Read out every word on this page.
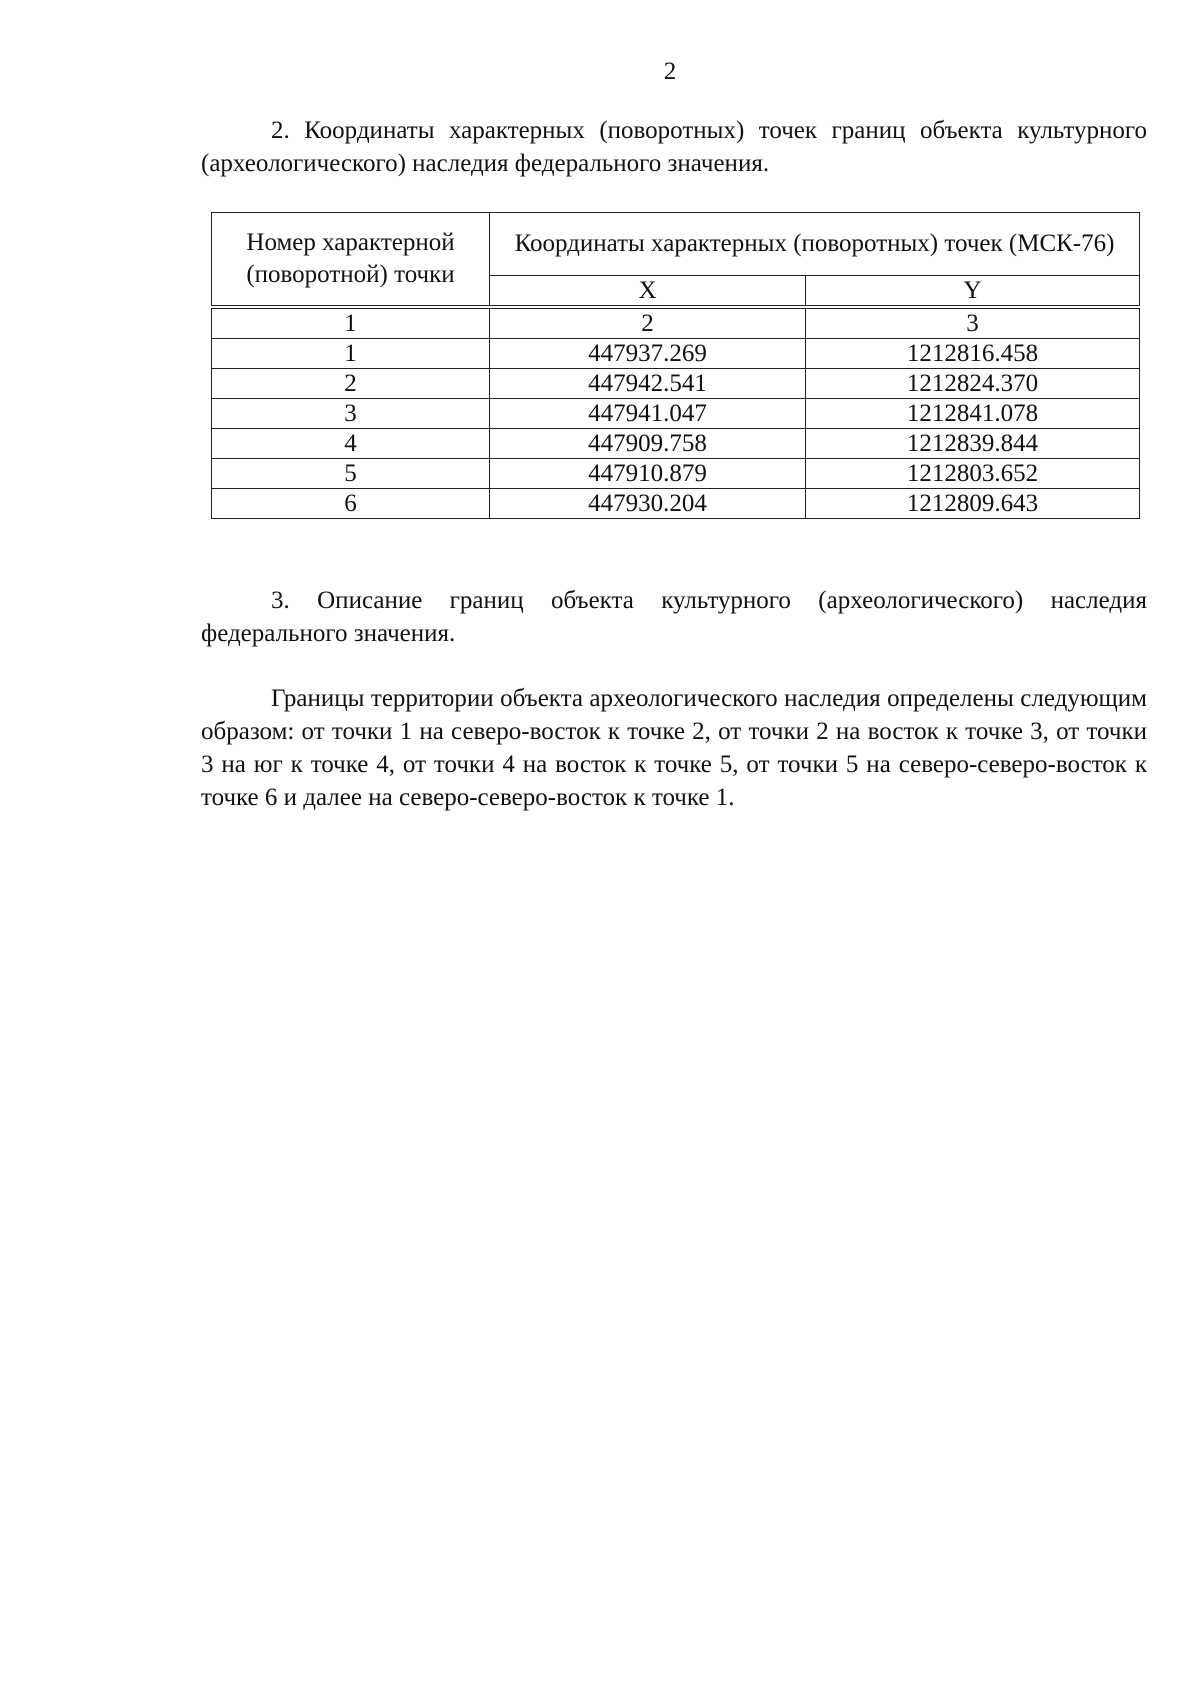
2

2. Координаты характерных (поворотных) точек границ объекта культурного (археологического) наследия федерального значения.

Номер характерной (поворотной) точки	Координаты характерных (поворотных) точек (МСК-76)	
	X	Y
1	2	3
1	447937.269	1212816.458
2	447942.541	1212824.370
3	447941.047	1212841.078
4	447909.758	1212839.844
5	447910.879	1212803.652
6	447930.204	1212809.643

3. Описание границ объекта культурного (археологического) наследия федерального значения.

Границы территории объекта археологического наследия определены следующим образом: от точки 1 на северо-восток к точке 2, от точки 2 на восток к точке 3, от точки 3 на юг к точке 4, от точки 4 на восток к точке 5, от точки 5 на северо-северо-восток к точке 6 и далее на северо-северо-восток к точке 1.
